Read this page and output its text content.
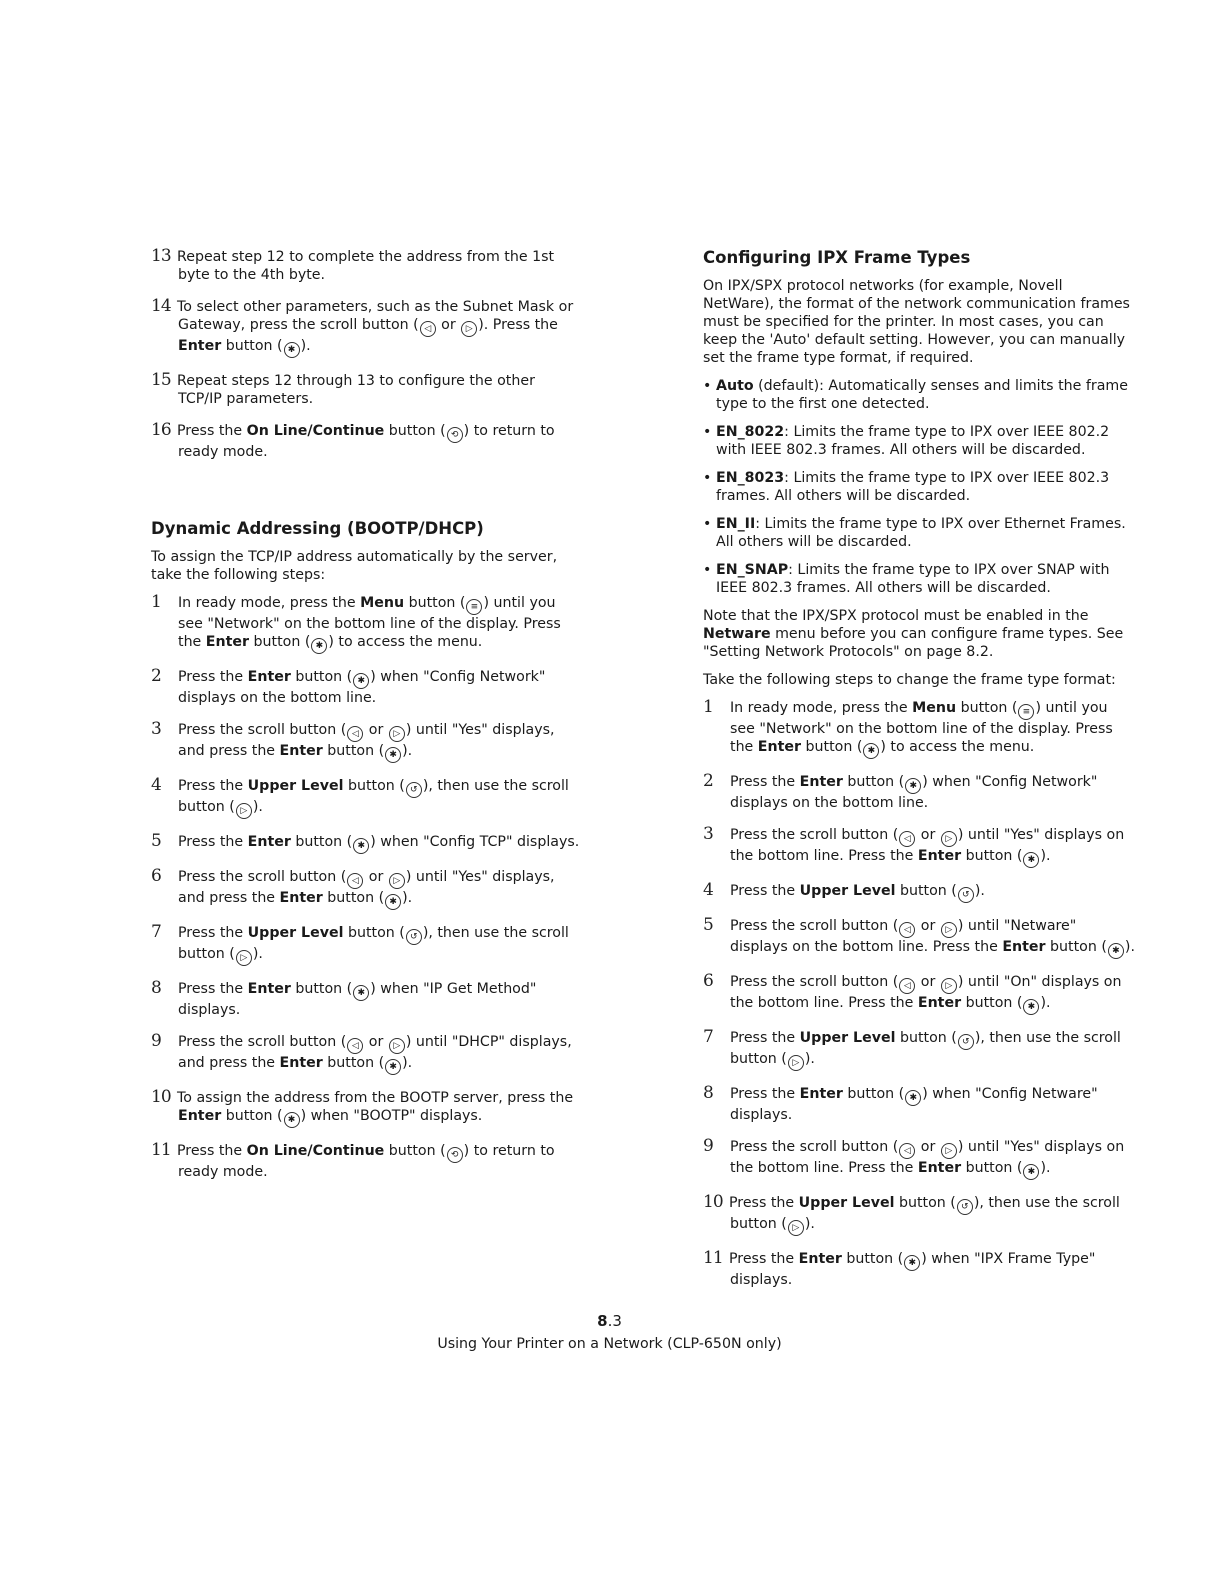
13 Repeat step 12 to complete the address from the 1st byte to the 4th byte.
14 To select other parameters, such as the Subnet Mask or Gateway, press the scroll button ( ◁ or ▷ ). Press the Enter button ( ✱ ).
15 Repeat steps 12 through 13 to configure the other TCP/IP parameters.
16 Press the On Line/Continue button ( ⟲ ) to return to ready mode.
Dynamic Addressing (BOOTP/DHCP)

To assign the TCP/IP address automatically by the server, take the following steps:

1 In ready mode, press the Menu button ( ≡ ) until you see "Network" on the bottom line of the display. Press the Enter button ( ✱ ) to access the menu.
2 Press the Enter button ( ✱ ) when "Config Network" displays on the bottom line.
3 Press the scroll button ( ◁ or ▷ ) until "Yes" displays, and press the Enter button ( ✱ ).
4 Press the Upper Level button ( ↺ ), then use the scroll button ( ▷ ).
5 Press the Enter button ( ✱ ) when "Config TCP" displays.
6 Press the scroll button ( ◁ or ▷ ) until "Yes" displays, and press the Enter button ( ✱ ).
7 Press the Upper Level button ( ↺ ), then use the scroll button ( ▷ ).
8 Press the Enter button ( ✱ ) when "IP Get Method" displays.
9 Press the scroll button ( ◁ or ▷ ) until "DHCP" displays, and press the Enter button ( ✱ ).
10 To assign the address from the BOOTP server, press the Enter button ( ✱ ) when "BOOTP" displays.
11 Press the On Line/Continue button ( ⟲ ) to return to ready mode.
Configuring IPX Frame Types

On IPX/SPX protocol networks (for example, Novell NetWare), the format of the network communication frames must be specified for the printer. In most cases, you can keep the 'Auto' default setting. However, you can manually set the frame type format, if required.

• Auto (default): Automatically senses and limits the frame type to the first one detected.
• EN_8022: Limits the frame type to IPX over IEEE 802.2 with IEEE 802.3 frames. All others will be discarded.
• EN_8023: Limits the frame type to IPX over IEEE 802.3 frames. All others will be discarded.
• EN_II: Limits the frame type to IPX over Ethernet Frames. All others will be discarded.
• EN_SNAP: Limits the frame type to IPX over SNAP with IEEE 802.3 frames. All others will be discarded.

Note that the IPX/SPX protocol must be enabled in the Netware menu before you can configure frame types. See "Setting Network Protocols" on page 8.2.

Take the following steps to change the frame type format:

1 In ready mode, press the Menu button ( ≡ ) until you see "Network" on the bottom line of the display. Press the Enter button ( ✱ ) to access the menu.
2 Press the Enter button ( ✱ ) when "Config Network" displays on the bottom line.
3 Press the scroll button ( ◁ or ▷ ) until "Yes" displays on the bottom line. Press the Enter button ( ✱ ).
4 Press the Upper Level button ( ↺ ).
5 Press the scroll button ( ◁ or ▷ ) until "Netware" displays on the bottom line. Press the Enter button ( ✱ ).
6 Press the scroll button ( ◁ or ▷ ) until "On" displays on the bottom line. Press the Enter button ( ✱ ).
7 Press the Upper Level button ( ↺ ), then use the scroll button ( ▷ ).
8 Press the Enter button ( ✱ ) when "Config Netware" displays.
9 Press the scroll button ( ◁ or ▷ ) until "Yes" displays on the bottom line. Press the Enter button ( ✱ ).
10 Press the Upper Level button ( ↺ ), then use the scroll button ( ▷ ).
11 Press the Enter button ( ✱ ) when "IPX Frame Type" displays.
8.3
Using Your Printer on a Network (CLP-650N only)
